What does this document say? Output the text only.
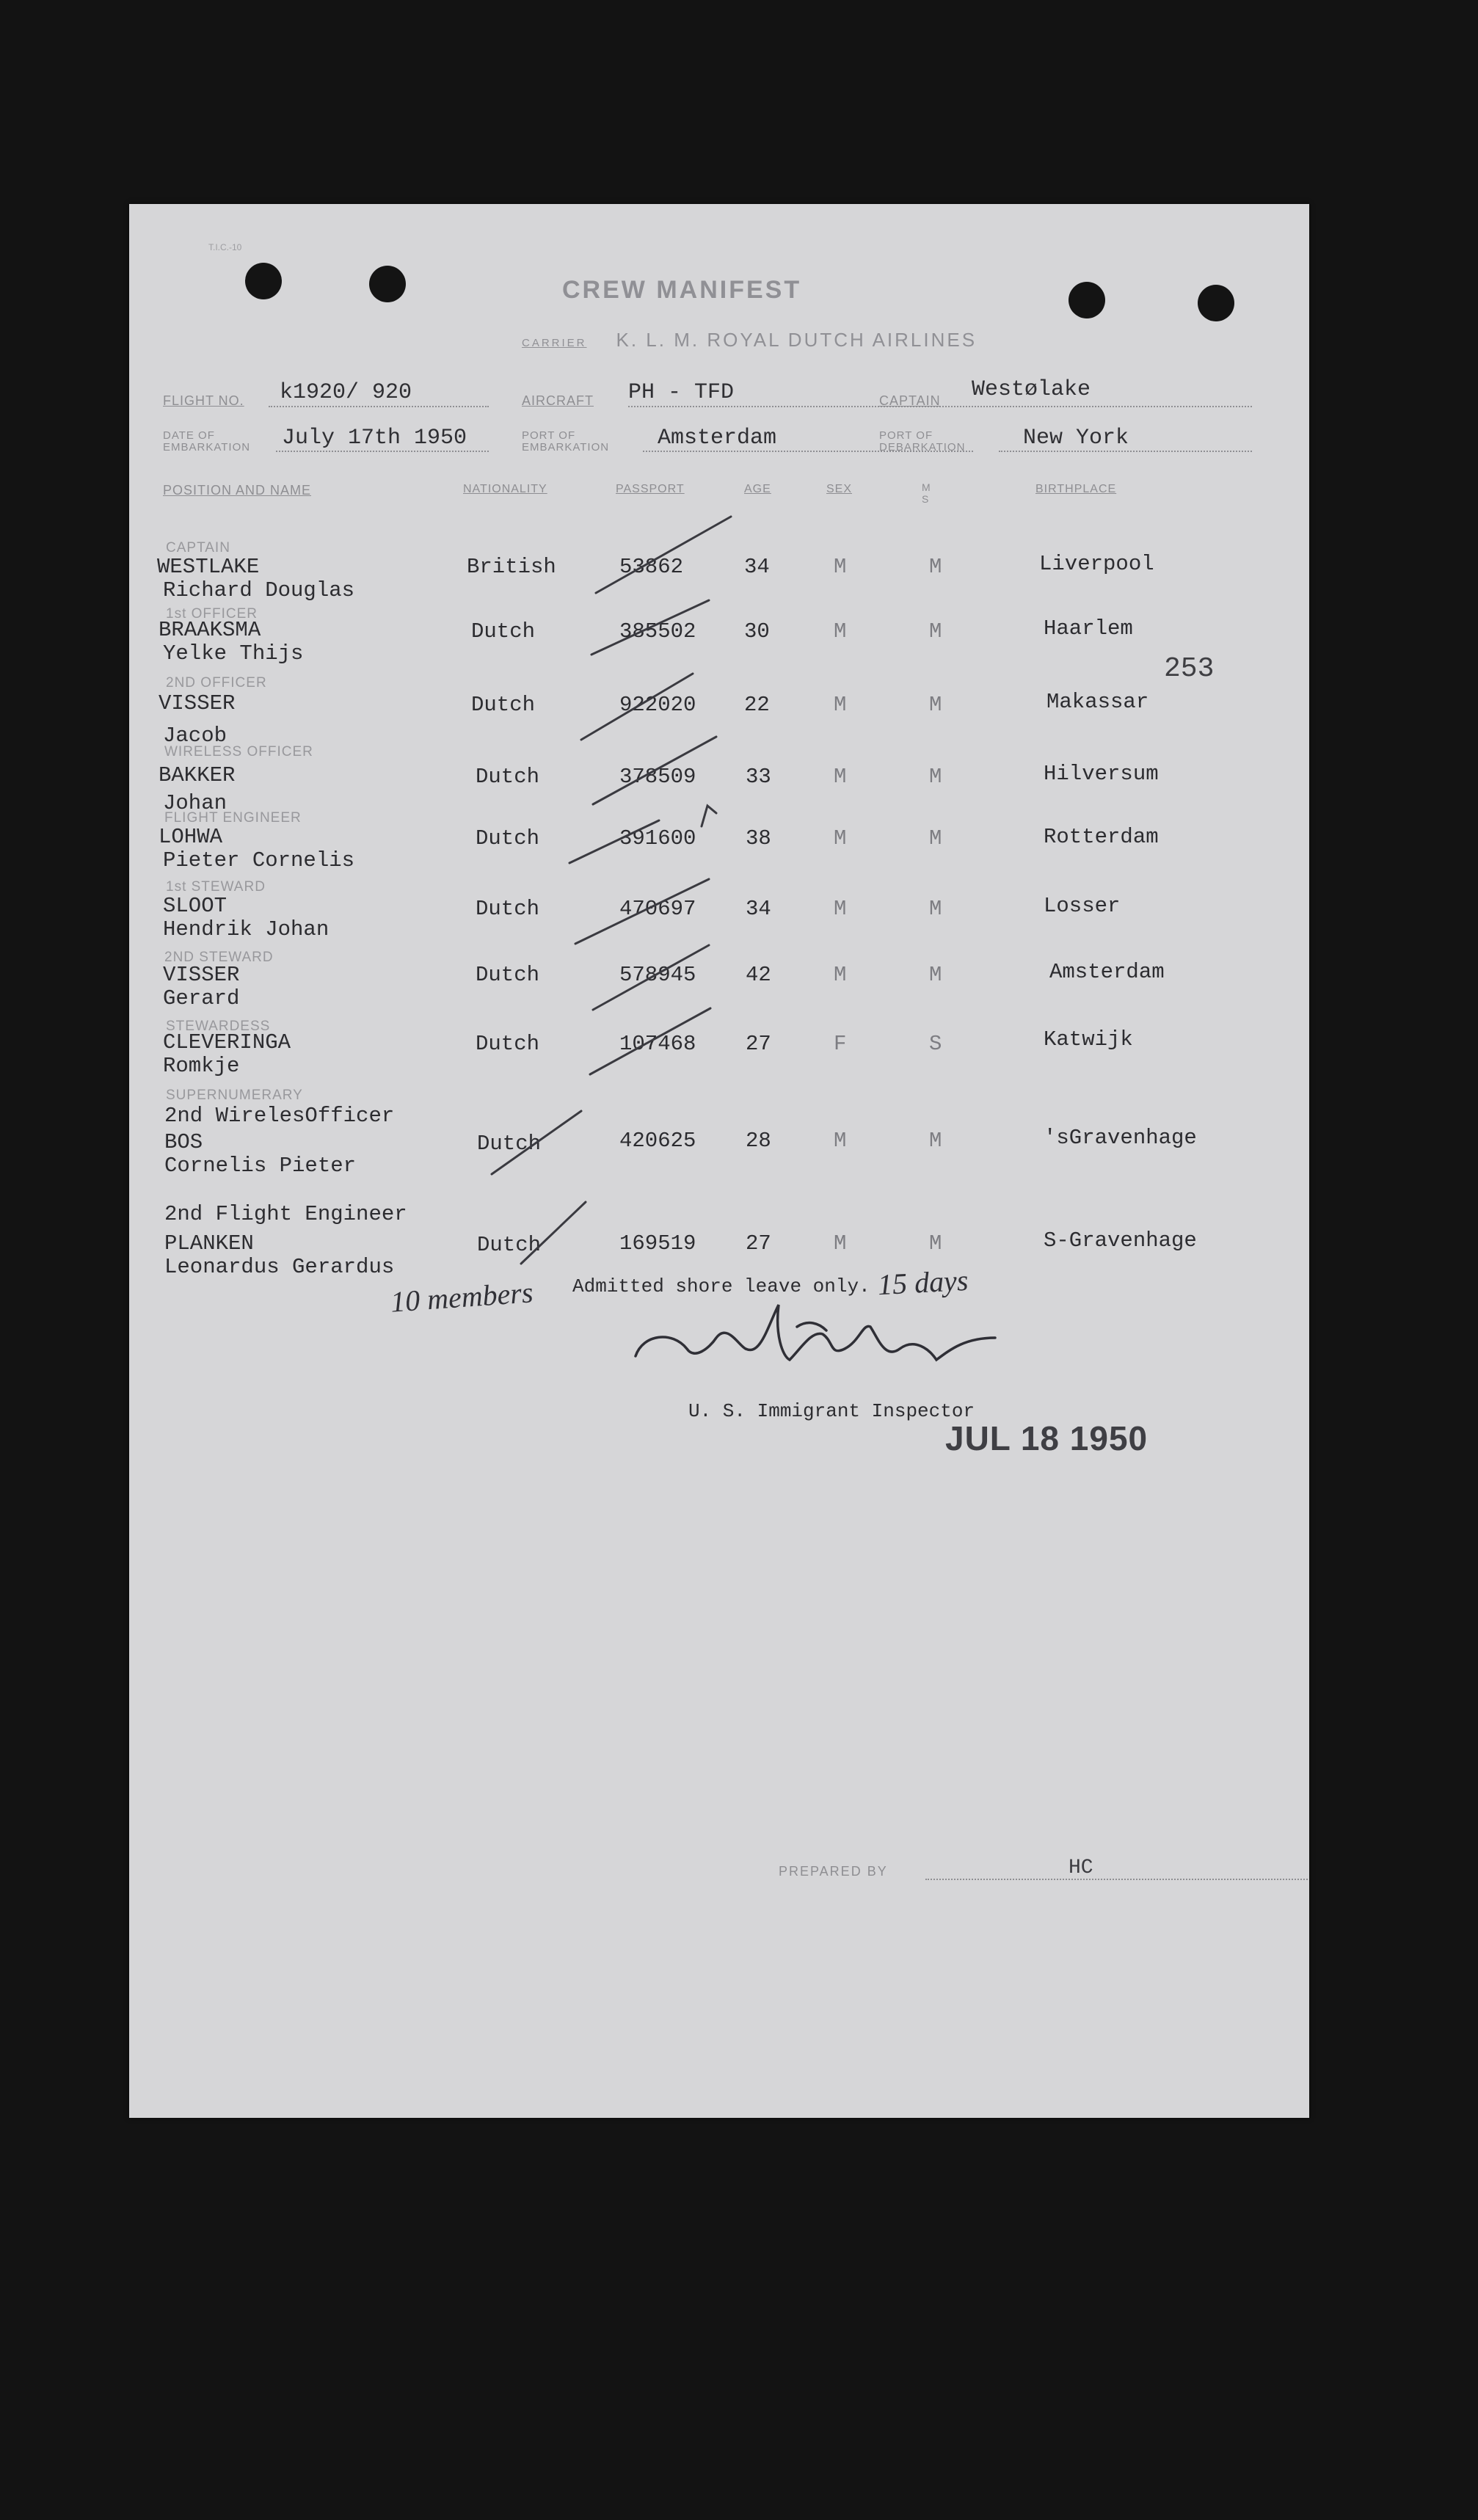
T.I.C.-10
CREW MANIFEST
CARRIER K. L. M. ROYAL DUTCH AIRLINES
FLIGHT NO. k1920/ 920	AIRCRAFT PH - TFD	CAPTAIN Westølake
DATE OF
EMBARKATION July 17th 1950	PORT OF
EMBARKATION Amsterdam	PORT OF
DEBARKATION	New York
POSITION AND NAME	NATIONALITY	PASSPORT	AGE	SEX	M
S
BIRTHPLACE
CAPTAIN
WESTLAKE
Richard Douglas
British	53862	34	M	M	Liverpool
1st OFFICER
BRAAKSMA
Yelke Thijs
Dutch	385502 30	M	M	Haarlem
2ND OFFICER
VISSER
Jacob
Dutch	922020 22	M	M	Makassar
WIRELESS OFFICER
BAKKER
Johan
Dutch	378509 33	M	M	Hilversum
FLIGHT ENGINEER
LOHWA
Pieter Cornelis
Dutch	391600 38	M	M	Rotterdam
1st STEWARD
SLOOT
Hendrik Johan
Dutch	470697 34	M	M	Losser
2ND STEWARD
VISSER
Gerard
Dutch	578945 42	M	M	Amsterdam
STEWARDESS
CLEVERINGA
Romkje
Dutch	107468 27	F	S	Katwijk
SUPERNUMERARY
2nd WirelesOfficer
BOS
Cornelis Pieter
Dutch	420625 28	M	M	'sGravenhage
2nd Flight Engineer
PLANKEN
Leonardus Gerardus
Dutch	169519 27	M	M	S-Gravenhage
253
10 members Admitted shore leave only. 15 days
U. S. Immigrant Inspector
JUL 18 1950
PREPARED BY	HC
